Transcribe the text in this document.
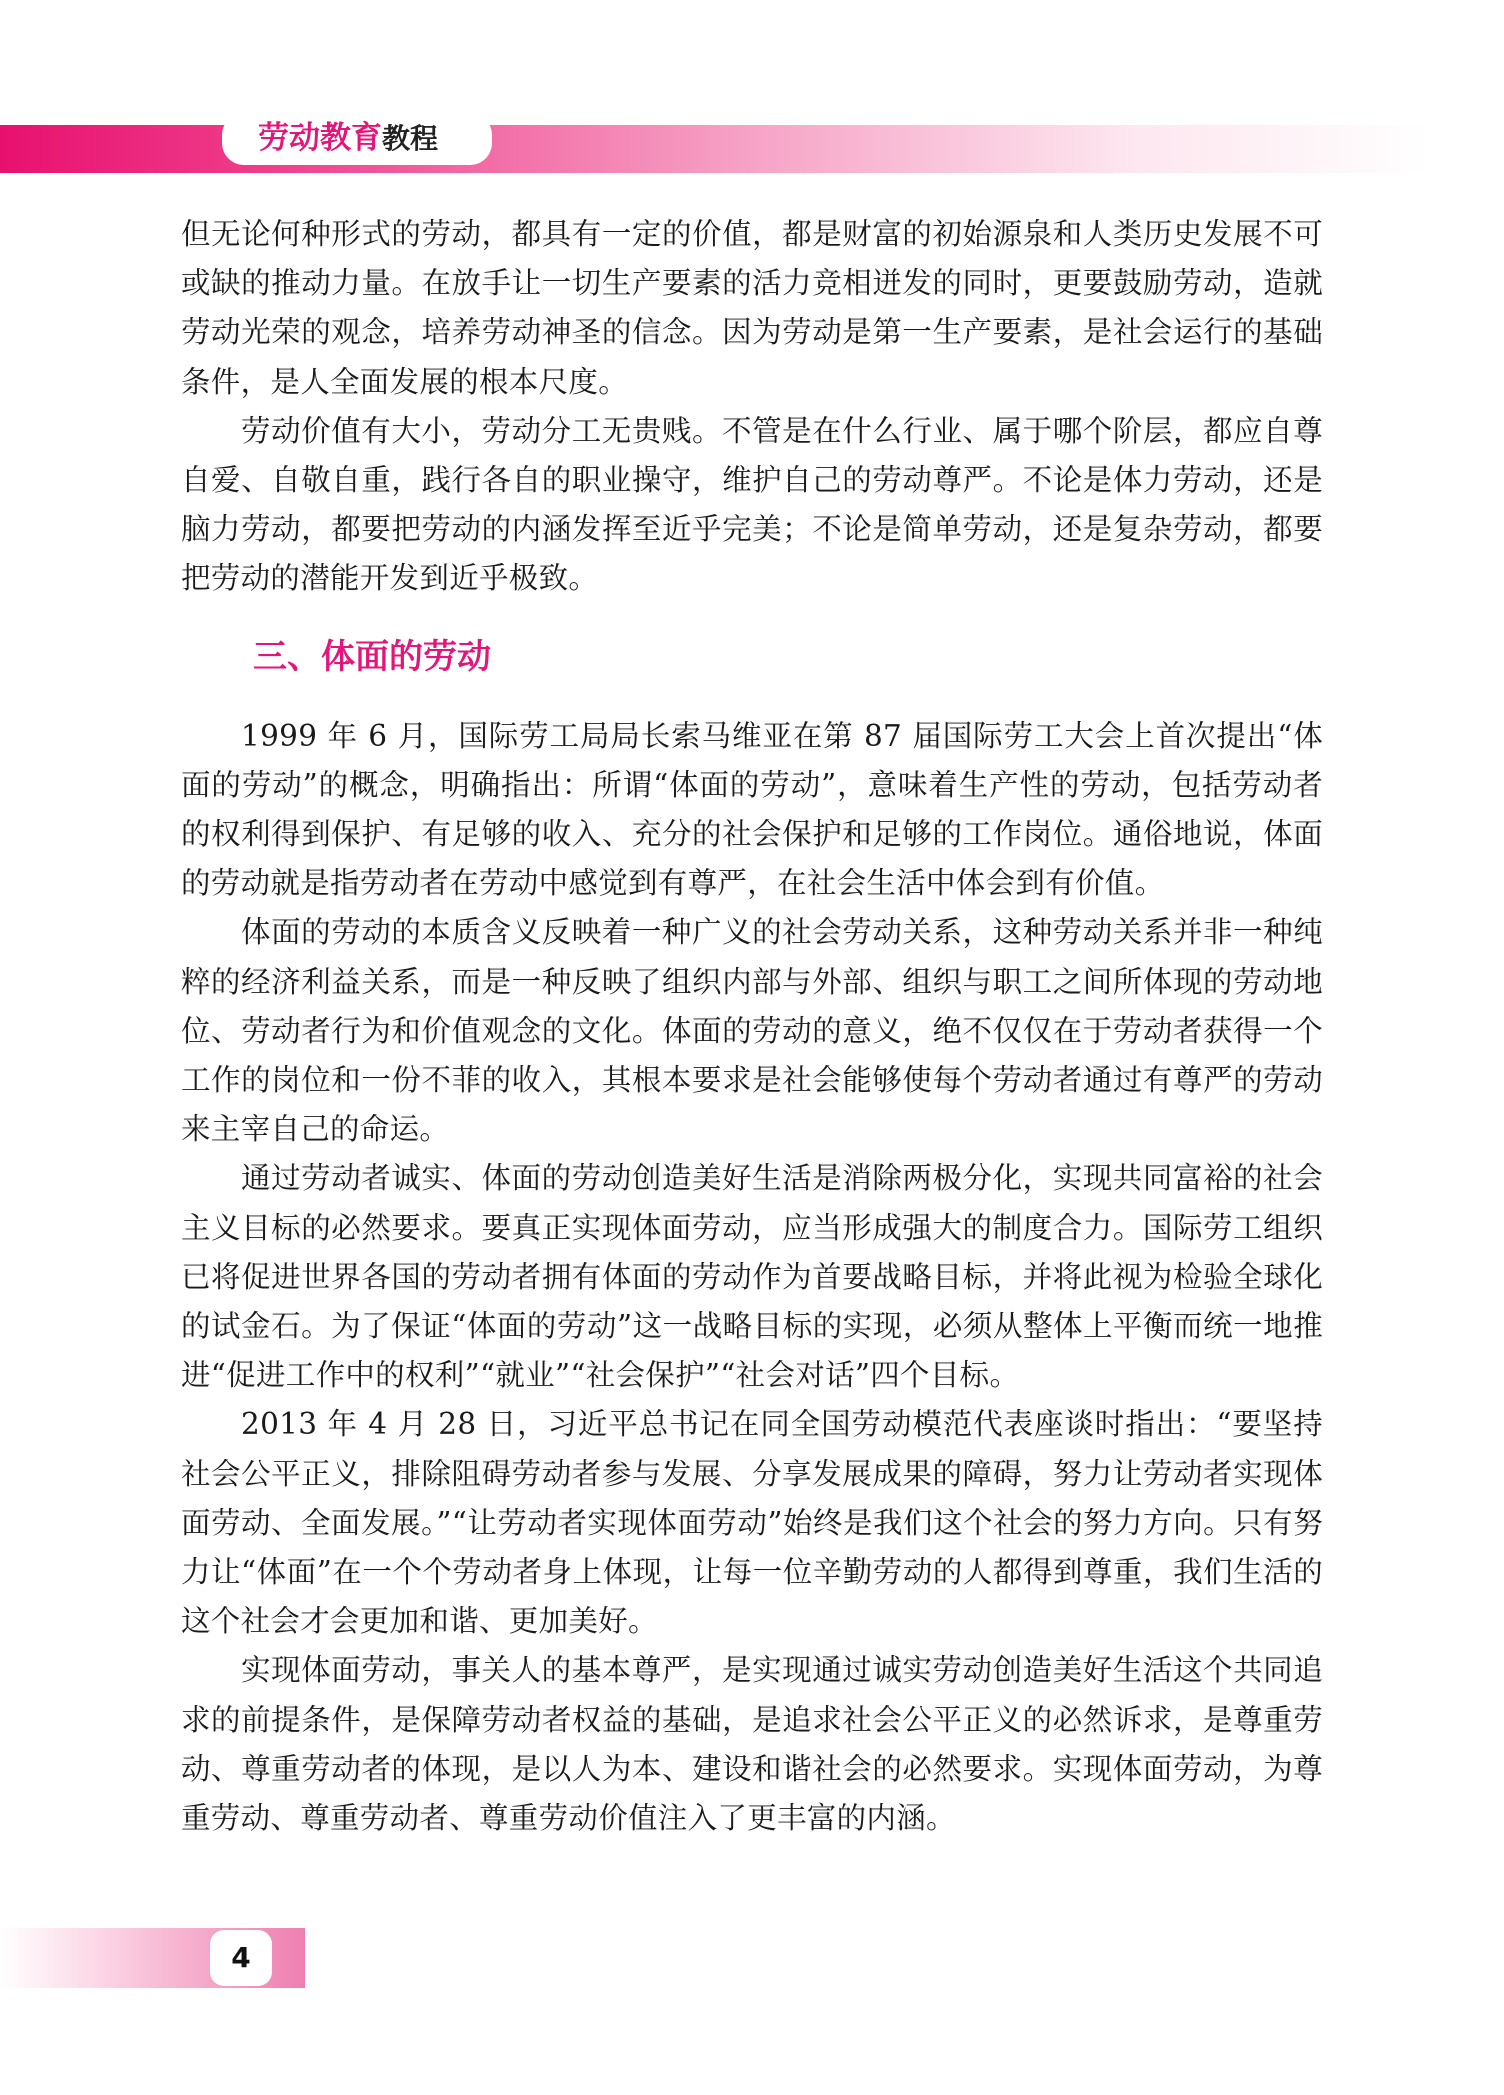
劳动教育教程

但无论何种形式的劳动，都具有一定的价值，都是财富的初始源泉和人类历史发展不可或缺的推动力量。在放手让一切生产要素的活力竞相迸发的同时，更要鼓励劳动，造就劳动光荣的观念，培养劳动神圣的信念。因为劳动是第一生产要素，是社会运行的基础条件，是人全面发展的根本尺度。

劳动价值有大小，劳动分工无贵贱。不管是在什么行业、属于哪个阶层，都应自尊自爱、自敬自重，践行各自的职业操守，维护自己的劳动尊严。不论是体力劳动，还是脑力劳动，都要把劳动的内涵发挥至近乎完美；不论是简单劳动，还是复杂劳动，都要把劳动的潜能开发到近乎极致。

三、体面的劳动

1999 年 6 月，国际劳工局局长索马维亚在第 87 届国际劳工大会上首次提出“体面的劳动”的概念，明确指出：所谓“体面的劳动”，意味着生产性的劳动，包括劳动者的权利得到保护、有足够的收入、充分的社会保护和足够的工作岗位。通俗地说，体面的劳动就是指劳动者在劳动中感觉到有尊严，在社会生活中体会到有价值。

体面的劳动的本质含义反映着一种广义的社会劳动关系，这种劳动关系并非一种纯粹的经济利益关系，而是一种反映了组织内部与外部、组织与职工之间所体现的劳动地位、劳动者行为和价值观念的文化。体面的劳动的意义，绝不仅仅在于劳动者获得一个工作的岗位和一份不菲的收入，其根本要求是社会能够使每个劳动者通过有尊严的劳动来主宰自己的命运。

通过劳动者诚实、体面的劳动创造美好生活是消除两极分化，实现共同富裕的社会主义目标的必然要求。要真正实现体面劳动，应当形成强大的制度合力。国际劳工组织已将促进世界各国的劳动者拥有体面的劳动作为首要战略目标，并将此视为检验全球化的试金石。为了保证“体面的劳动”这一战略目标的实现，必须从整体上平衡而统一地推进“促进工作中的权利”“就业”“社会保护”“社会对话”四个目标。

2013 年 4 月 28 日，习近平总书记在同全国劳动模范代表座谈时指出：“要坚持社会公平正义，排除阻碍劳动者参与发展、分享发展成果的障碍，努力让劳动者实现体面劳动、全面发展。”“让劳动者实现体面劳动”始终是我们这个社会的努力方向。只有努力让“体面”在一个个劳动者身上体现，让每一位辛勤劳动的人都得到尊重，我们生活的这个社会才会更加和谐、更加美好。

实现体面劳动，事关人的基本尊严，是实现通过诚实劳动创造美好生活这个共同追求的前提条件，是保障劳动者权益的基础，是追求社会公平正义的必然诉求，是尊重劳动、尊重劳动者的体现，是以人为本、建设和谐社会的必然要求。实现体面劳动，为尊重劳动、尊重劳动者、尊重劳动价值注入了更丰富的内涵。

4
